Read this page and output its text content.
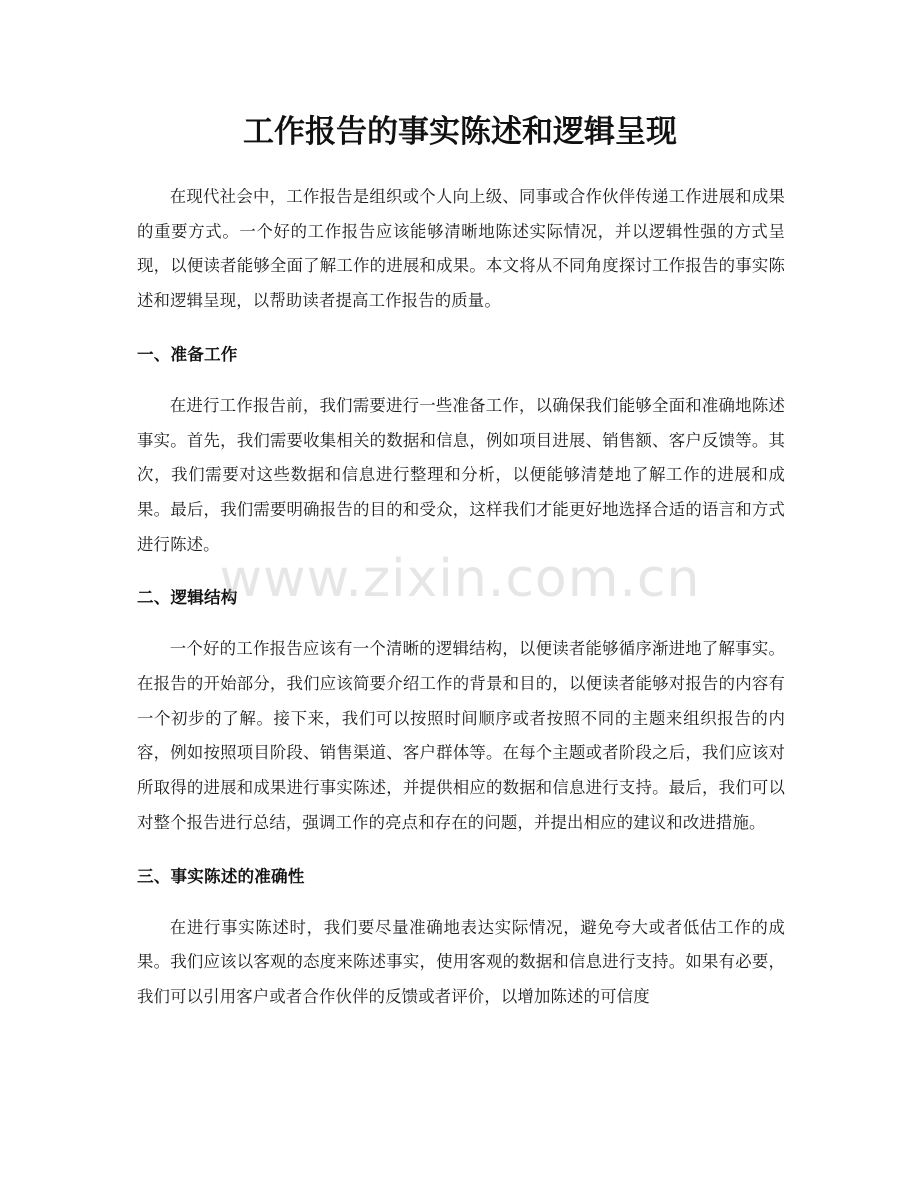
工作报告的事实陈述和逻辑呈现

在现代社会中，工作报告是组织或个人向上级、同事或合作伙伴传递工作进展和成果的重要方式。一个好的工作报告应该能够清晰地陈述实际情况，并以逻辑性强的方式呈现，以便读者能够全面了解工作的进展和成果。本文将从不同角度探讨工作报告的事实陈述和逻辑呈现，以帮助读者提高工作报告的质量。

一、准备工作

在进行工作报告前，我们需要进行一些准备工作，以确保我们能够全面和准确地陈述事实。首先，我们需要收集相关的数据和信息，例如项目进展、销售额、客户反馈等。其次，我们需要对这些数据和信息进行整理和分析，以便能够清楚地了解工作的进展和成果。最后，我们需要明确报告的目的和受众，这样我们才能更好地选择合适的语言和方式进行陈述。

二、逻辑结构

一个好的工作报告应该有一个清晰的逻辑结构，以便读者能够循序渐进地了解事实。在报告的开始部分，我们应该简要介绍工作的背景和目的，以便读者能够对报告的内容有一个初步的了解。接下来，我们可以按照时间顺序或者按照不同的主题来组织报告的内容，例如按照项目阶段、销售渠道、客户群体等。在每个主题或者阶段之后，我们应该对所取得的进展和成果进行事实陈述，并提供相应的数据和信息进行支持。最后，我们可以对整个报告进行总结，强调工作的亮点和存在的问题，并提出相应的建议和改进措施。

三、事实陈述的准确性

在进行事实陈述时，我们要尽量准确地表达实际情况，避免夸大或者低估工作的成果。我们应该以客观的态度来陈述事实，使用客观的数据和信息进行支持。如果有必要，我们可以引用客户或者合作伙伴的反馈或者评价，以增加陈述的可信度

www.zixin.com.cn
